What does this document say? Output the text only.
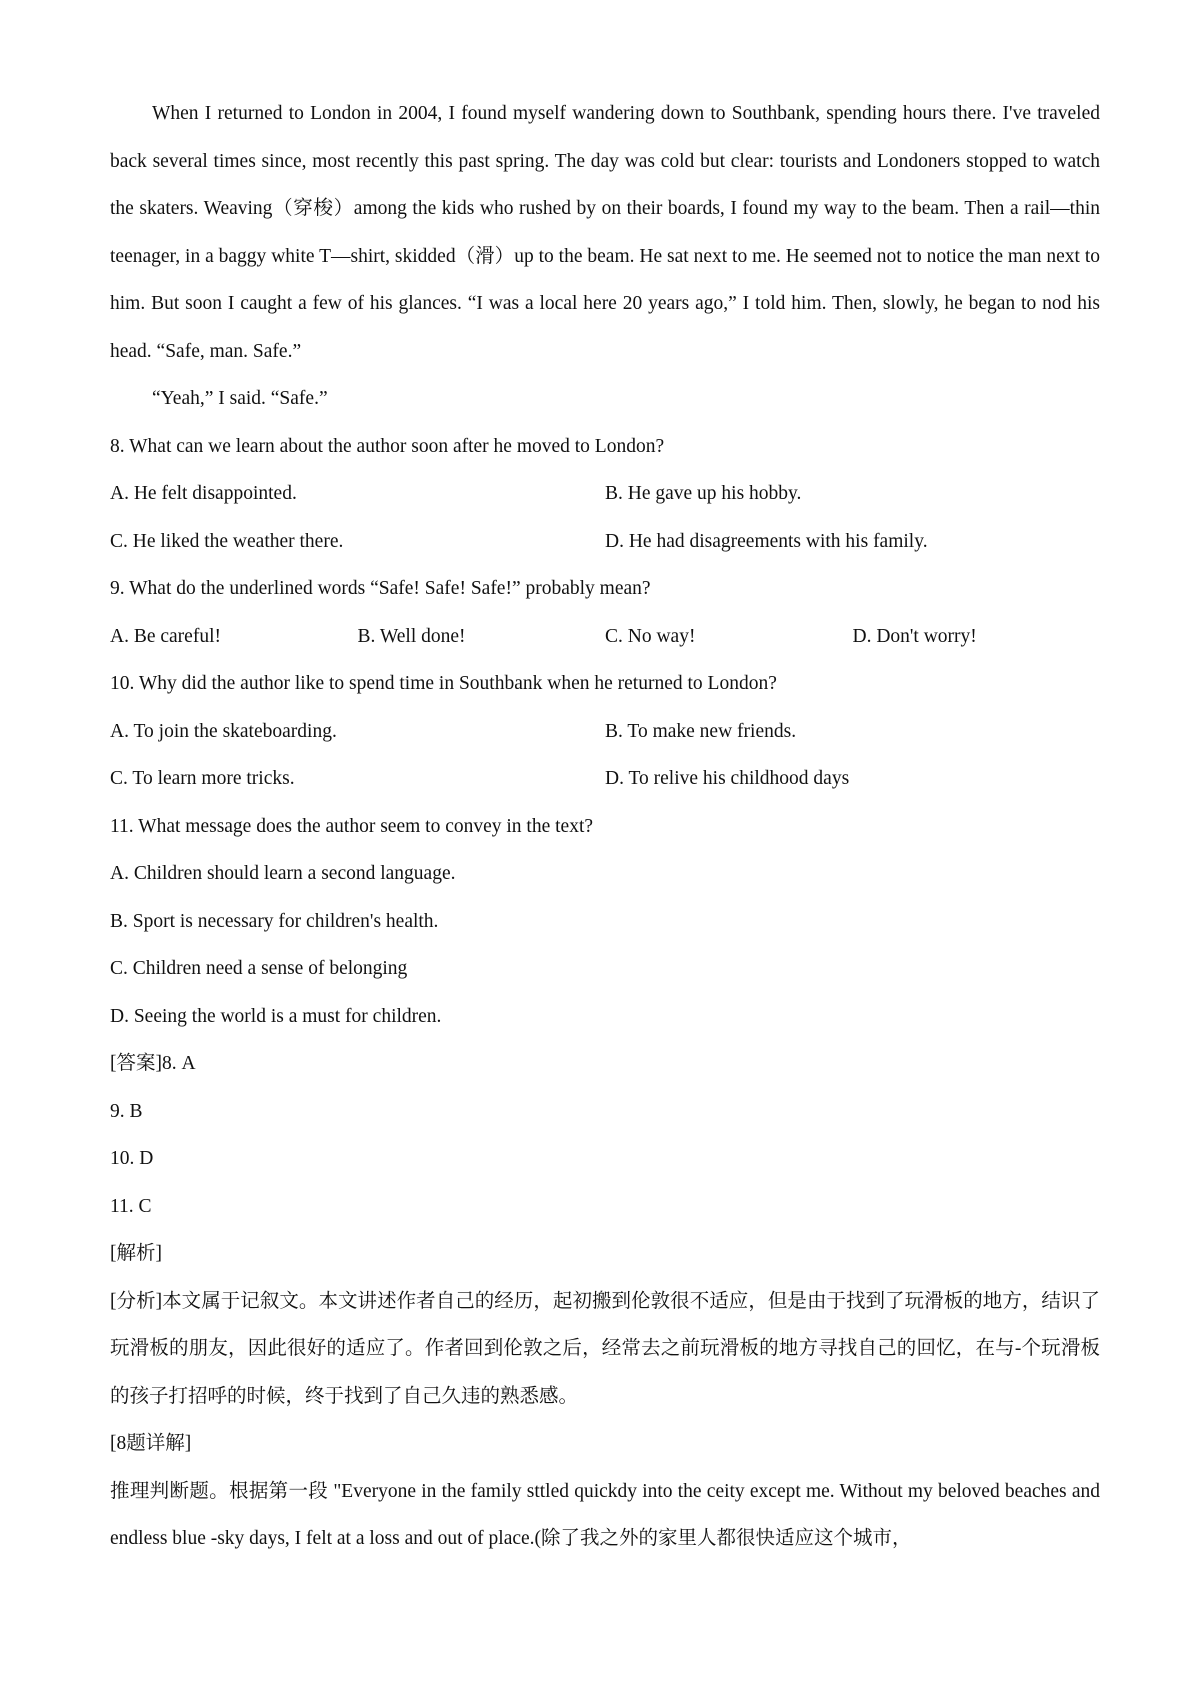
When I returned to London in 2004, I found myself wandering down to Southbank, spending hours there. I've traveled back several times since, most recently this past spring. The day was cold but clear: tourists and Londoners stopped to watch the skaters. Weaving（穿梭）among the kids who rushed by on their boards, I found my way to the beam. Then a rail—thin teenager, in a baggy white T—shirt, skidded（滑）up to the beam. He sat next to me. He seemed not to notice the man next to him. But soon I caught a few of his glances. “I was a local here 20 years ago,” I told him. Then, slowly, he began to nod his head. “Safe, man. Safe.”

“Yeah,” I said. “Safe.”

8. What can we learn about the author soon after he moved to London?

A. He felt disappointed.	B. He gave up his hobby.
C. He liked the weather there.	D. He had disagreements with his family.

9. What do the underlined words “Safe! Safe! Safe!” probably mean?

A. Be careful!	B. Well done!	C. No way!	D. Don't worry!

10. Why did the author like to spend time in Southbank when he returned to London?

A. To join the skateboarding.	B. To make new friends.
C. To learn more tricks.	D. To relive his childhood days

11. What message does the author seem to convey in the text?

A. Children should learn a second language.

B. Sport is necessary for children's health.

C. Children need a sense of belonging

D. Seeing the world is a must for children.

[答案]8. A

9. B

10. D

11. C

[解析]

[分析]本文属于记叙文。本文讲述作者自己的经历，起初搬到伦敦很不适应，但是由于找到了玩滑板的地方，结识了玩滑板的朋友，因此很好的适应了。作者回到伦敦之后，经常去之前玩滑板的地方寻找自己的回忆，在与-个玩滑板的孩子打招呼的时候，终于找到了自己久违的熟悉感。

[8题详解]

推理判断题。根据第一段 "Everyone in the family sttled quickdy into the ceity except me. Without my beloved beaches and endless blue -sky days, I felt at a loss and out of place.(除了我之外的家里人都很快适应这个城市，
